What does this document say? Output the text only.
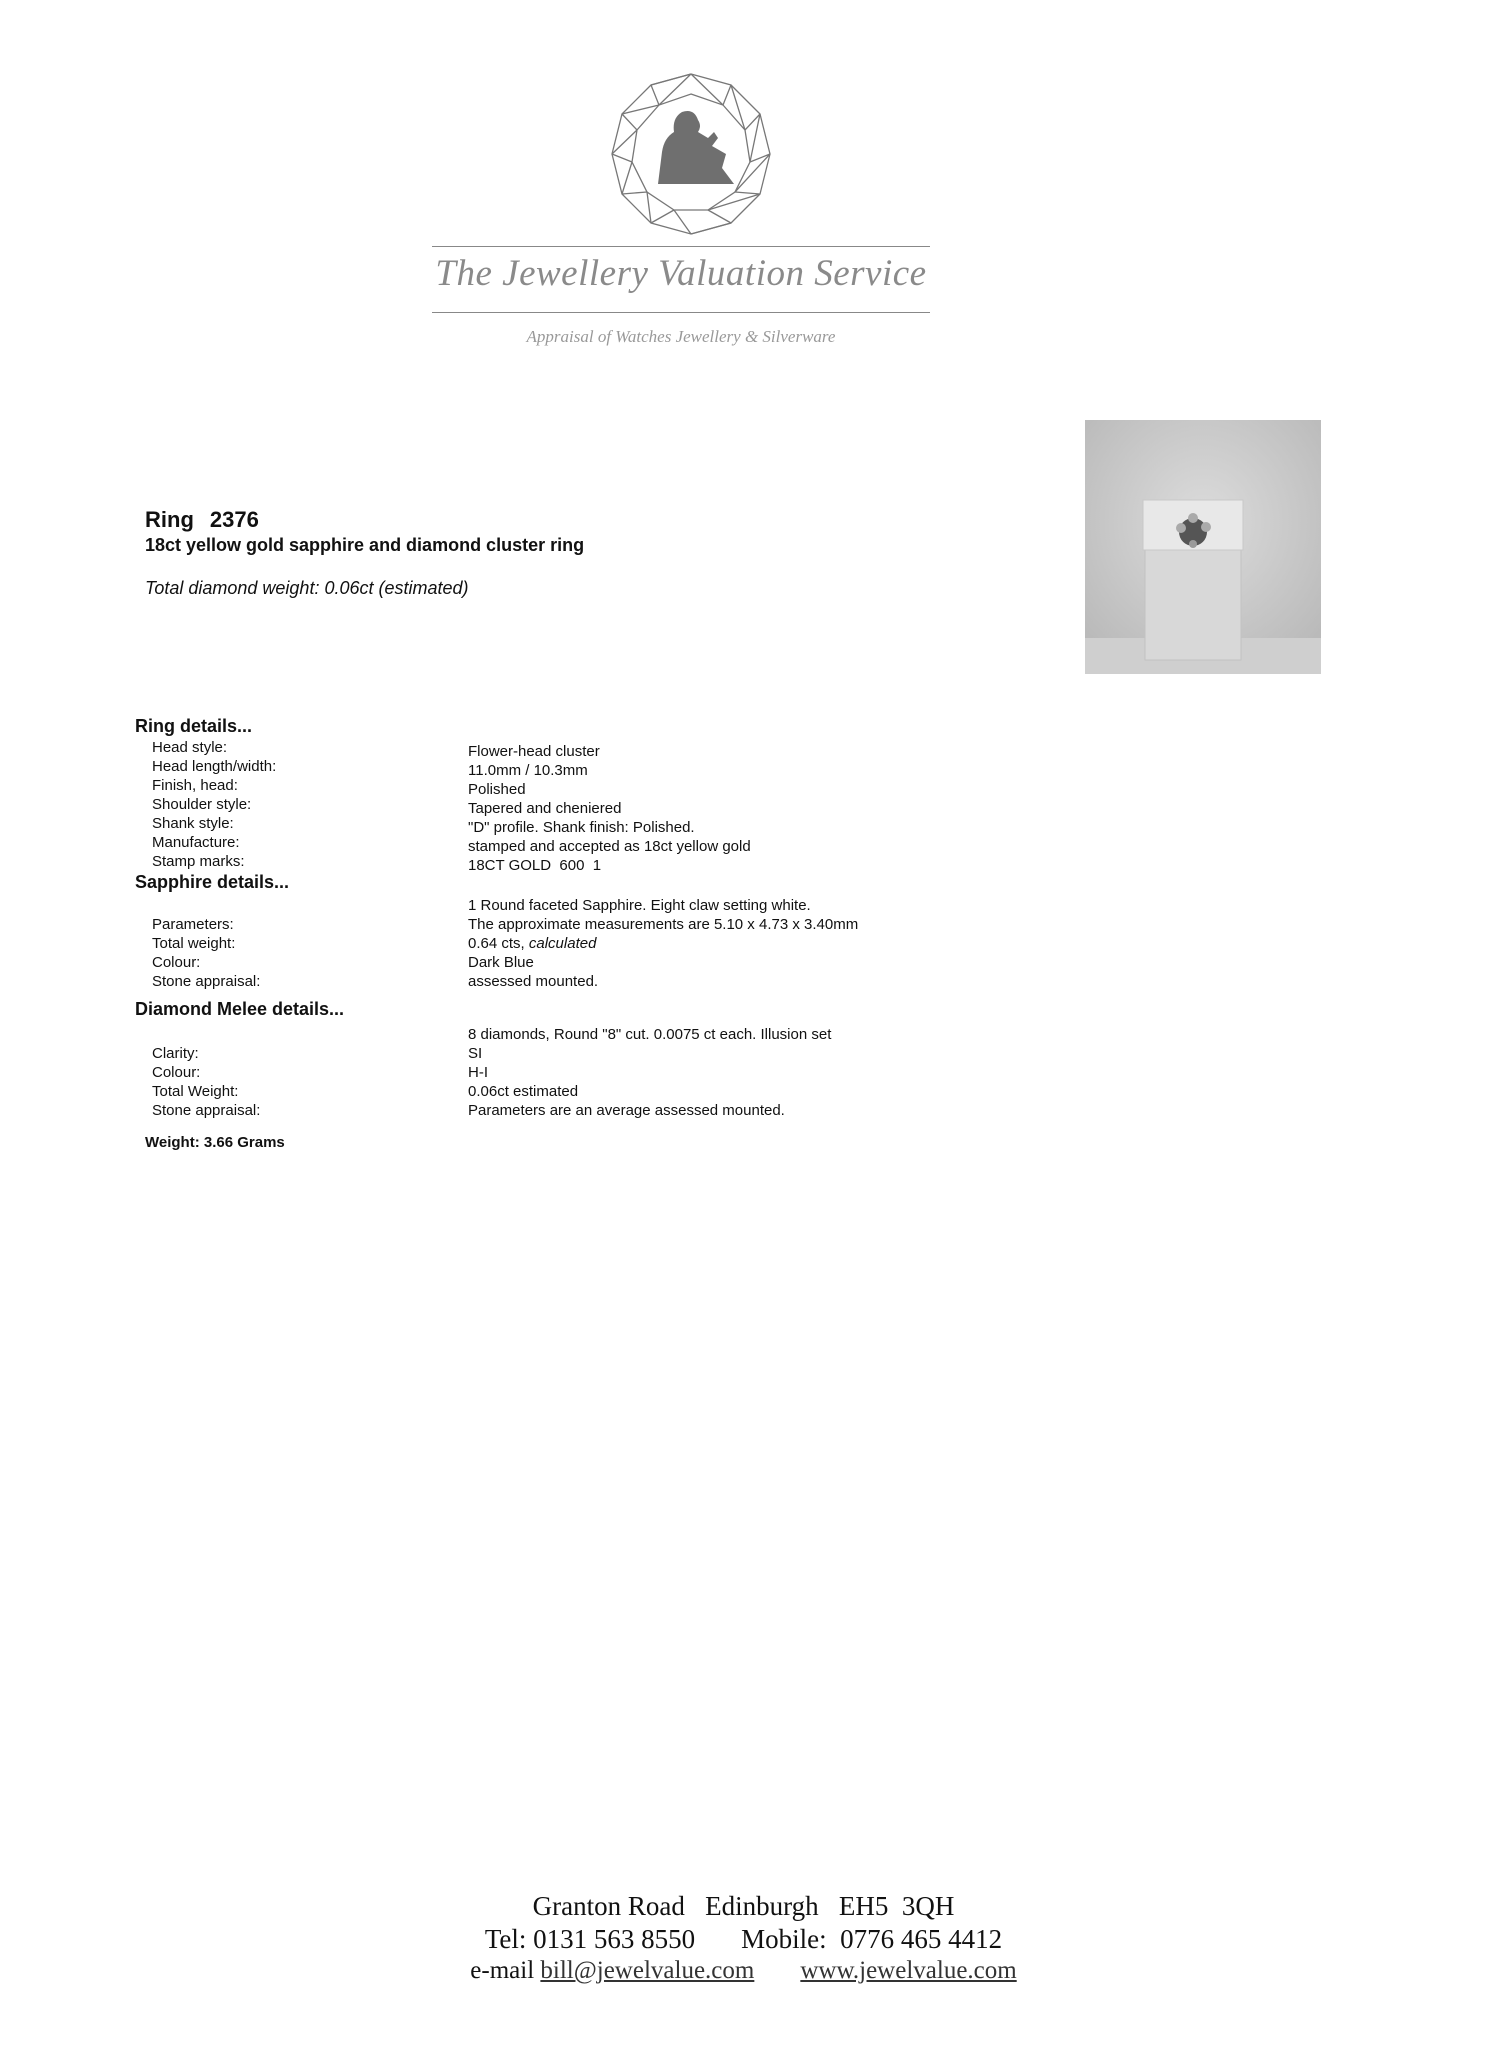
The Jewellery Valuation Service
Appraisal of Watches Jewellery & Silverware
Ring 2376
18ct yellow gold sapphire and diamond cluster ring
Total diamond weight: 0.06ct (estimated)
Ring details...
Head style:
Head length/width:
Finish, head:
Shoulder style:
Shank style:
Manufacture:
Stamp marks:
Flower-head cluster
11.0mm / 10.3mm
Polished
Tapered and cheniered
"D" profile. Shank finish: Polished.
stamped and accepted as 18ct yellow gold
18CT GOLD  600  1
Sapphire details...
1 Round faceted Sapphire. Eight claw setting white.
Parameters:
Total weight:
Colour:
Stone appraisal:
The approximate measurements are 5.10 x 4.73 x 3.40mm
0.64 cts, calculated
Dark Blue
assessed mounted.
Diamond Melee details...
8 diamonds, Round "8" cut. 0.0075 ct each. Illusion set
Clarity:
Colour:
Total Weight:
Stone appraisal:
SI
H-I
0.06ct estimated
Parameters are an average assessed mounted.
Weight: 3.66 Grams
Granton Road   Edinburgh   EH5  3QH
Tel: 0131 563 8550 Mobile:  0776 465 4412
e-mail bill@jewelvalue.com www.jewelvalue.com
